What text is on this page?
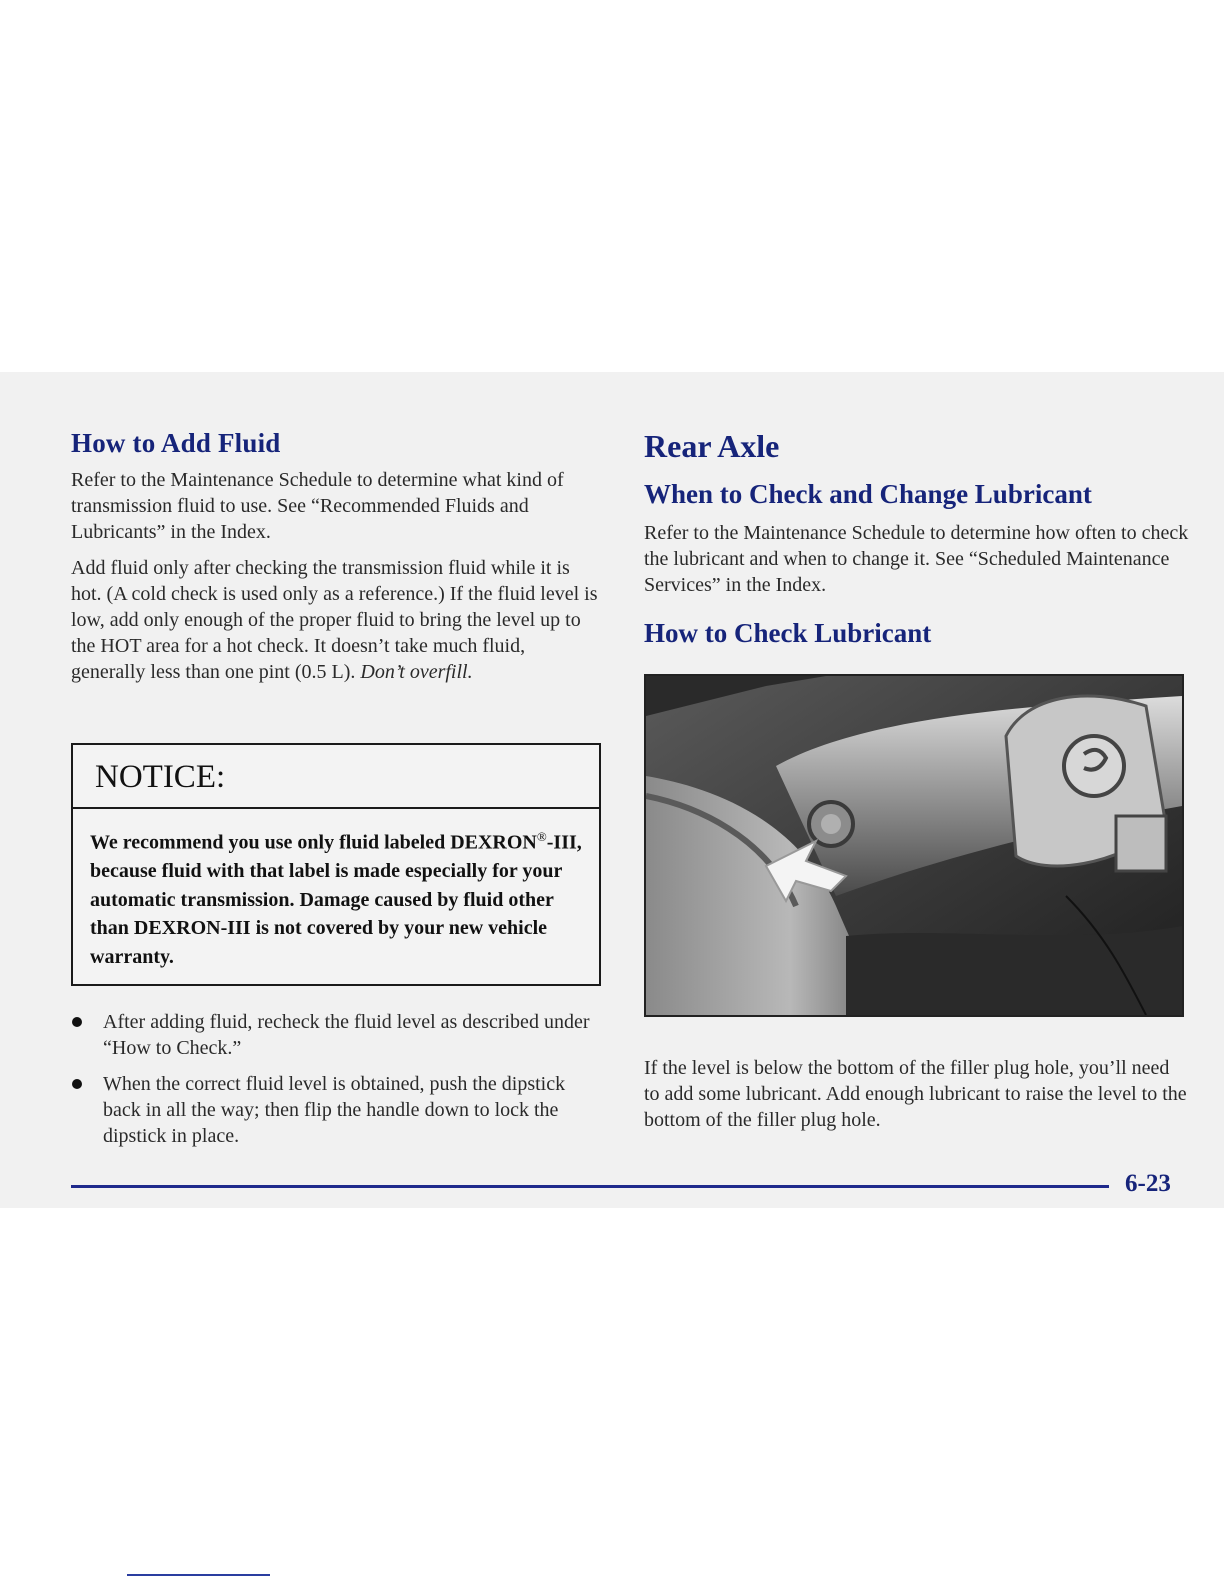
How to Add Fluid

Refer to the Maintenance Schedule to determine what kind of transmission fluid to use. See “Recommended Fluids and Lubricants” in the Index.

Add fluid only after checking the transmission fluid while it is hot. (A cold check is used only as a reference.) If the fluid level is low, add only enough of the proper fluid to bring the level up to the HOT area for a hot check. It doesn’t take much fluid, generally less than one pint (0.5 L). Don’t overfill.

NOTICE:
We recommend you use only fluid labeled DEXRON®-III, because fluid with that label is made especially for your automatic transmission. Damage caused by fluid other than DEXRON-III is not covered by your new vehicle warranty.
After adding fluid, recheck the fluid level as described under “How to Check.”
When the correct fluid level is obtained, push the dipstick back in all the way; then flip the handle down to lock the dipstick in place.
Rear Axle
When to Check and Change Lubricant

Refer to the Maintenance Schedule to determine how often to check the lubricant and when to change it. See “Scheduled Maintenance Services” in the Index.

How to Check Lubricant

If the level is below the bottom of the filler plug hole, you’ll need to add some lubricant. Add enough lubricant to raise the level to the bottom of the filler plug hole.

6-23
